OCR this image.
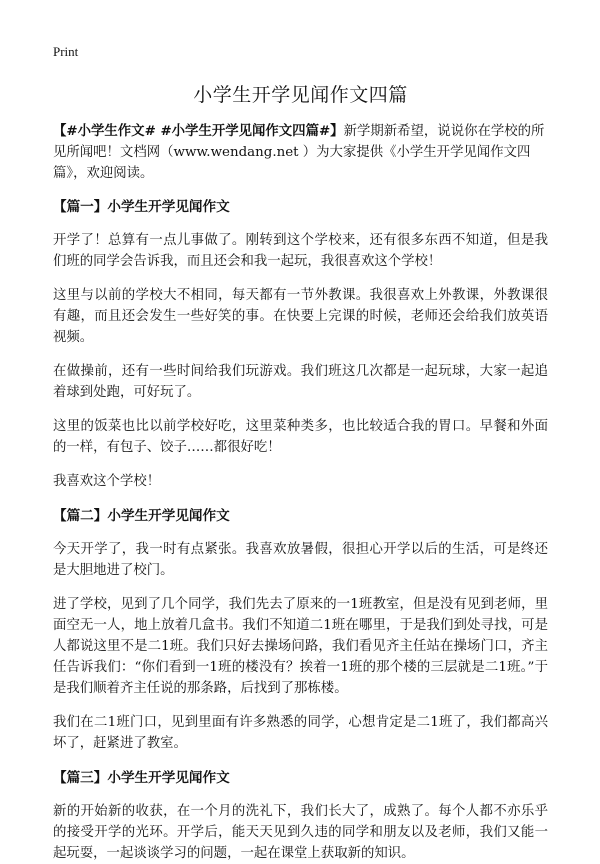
Print
小学生开学见闻作文四篇

【#小学生作文# #小学生开学见闻作文四篇#】新学期新希望，说说你在学校的所见所闻吧！文档网（www.wendang.net ）为大家提供《小学生开学见闻作文四篇》，欢迎阅读。

【篇一】小学生开学见闻作文

开学了！总算有一点儿事做了。刚转到这个学校来，还有很多东西不知道，但是我们班的同学会告诉我，而且还会和我一起玩，我很喜欢这个学校！

这里与以前的学校大不相同，每天都有一节外教课。我很喜欢上外教课，外教课很有趣，而且还会发生一些好笑的事。在快要上完课的时候，老师还会给我们放英语视频。

在做操前，还有一些时间给我们玩游戏。我们班这几次都是一起玩球，大家一起追着球到处跑，可好玩了。

这里的饭菜也比以前学校好吃，这里菜种类多，也比较适合我的胃口。早餐和外面的一样，有包子、饺子……都很好吃！

我喜欢这个学校！

【篇二】小学生开学见闻作文

今天开学了，我一时有点紧张。我喜欢放暑假，很担心开学以后的生活，可是终还是大胆地进了校门。

进了学校，见到了几个同学，我们先去了原来的一1班教室，但是没有见到老师，里面空无一人，地上放着几盒书。我们不知道二1班在哪里，于是我们到处寻找，可是人都说这里不是二1班。我们只好去操场问路，我们看见齐主任站在操场门口，齐主任告诉我们：“你们看到一1班的楼没有？挨着一1班的那个楼的三层就是二1班。”于是我们顺着齐主任说的那条路，后找到了那栋楼。

我们在二1班门口，见到里面有许多熟悉的同学，心想肯定是二1班了，我们都高兴坏了，赶紧进了教室。

【篇三】小学生开学见闻作文

新的开始新的收获，在一个月的洗礼下，我们长大了，成熟了。每个人都不亦乐乎的接受开学的光环。开学后，能天天见到久违的同学和朋友以及老师，我们又能一起玩耍，一起谈谈学习的问题，一起在课堂上获取新的知识。
